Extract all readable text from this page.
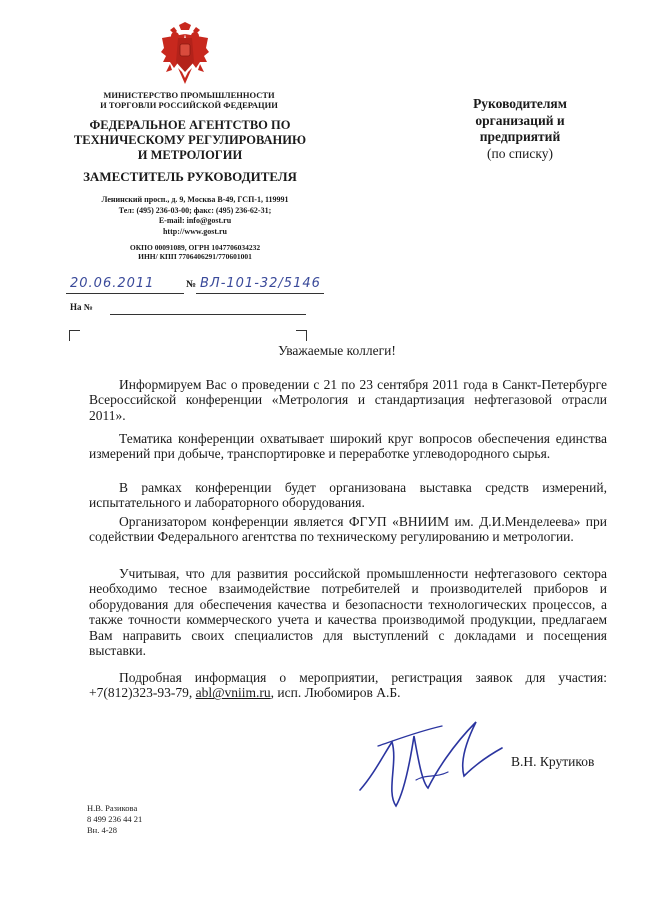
МИНИСТЕРСТВО ПРОМЫШЛЕННОСТИ
И ТОРГОВЛИ РОССИЙСКОЙ ФЕДЕРАЦИИ
ФЕДЕРАЛЬНОЕ АГЕНТСТВО ПО
ТЕХНИЧЕСКОМУ РЕГУЛИРОВАНИЮ
И МЕТРОЛОГИИ
ЗАМЕСТИТЕЛЬ РУКОВОДИТЕЛЯ
Ленинский просп., д. 9, Москва В-49, ГСП-1, 119991
Тел: (495) 236-03-00; факс: (495) 236-62-31;
E-mail: info@gost.ru
http://www.gost.ru
ОКПО 00091089, ОГРН 1047706034232
ИНН/ КПП 7706406291/770601001
20.06.2011	№ ВЛ-101-32/5146
На №
Руководителям
организаций и
предприятий
(по списку)
Уважаемые коллеги!
Информируем Вас о проведении с 21 по 23 сентября 2011 года в Санкт-Петербурге Всероссийской конференции «Метрология и стандартизация нефтегазовой отрасли 2011».
Тематика конференции охватывает широкий круг вопросов обеспечения единства измерений при добыче, транспортировке и переработке углеводородного сырья.
В рамках конференции будет организована выставка средств измерений, испытательного и лабораторного оборудования.
Организатором конференции является ФГУП «ВНИИМ им. Д.И.Менделеева» при содействии Федерального агентства по техническому регулированию и метрологии.
Учитывая, что для развития российской промышленности нефтегазового сектора необходимо тесное взаимодействие потребителей и производителей приборов и оборудования для обеспечения качества и безопасности технологических процессов, а также точности коммерческого учета и качества производимой продукции, предлагаем Вам направить своих специалистов для выступлений с докладами и посещения выставки.
Подробная информация о мероприятии, регистрация заявок для участия: +7(812)323-93-79, abl@vniim.ru, исп. Любомиров А.Б.
В.Н. Крутиков
Н.В. Разикова
8 499 236 44 21
Вн. 4-28
